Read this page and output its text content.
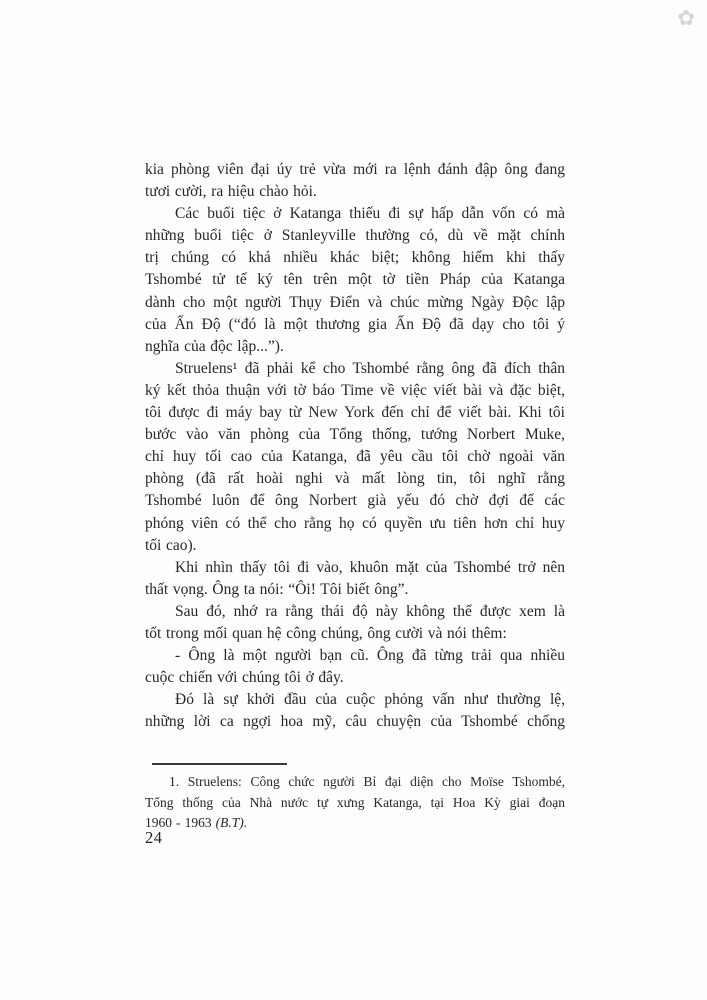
✿
kia phòng viên đại úy trẻ vừa mới ra lệnh đánh đập ông đang
tươi cười, ra hiệu chào hỏi.
Các buổi tiệc ở Katanga thiếu đi sự hấp dẫn vốn có mà
những buổi tiệc ở Stanleyville thường có, dù về mặt chính
trị chúng có khá nhiều khác biệt; không hiếm khi thấy
Tshombé tử tế ký tên trên một tờ tiền Pháp của Katanga
dành cho một người Thụy Điển và chúc mừng Ngày Độc lập
của Ấn Độ (“đó là một thương gia Ấn Độ đã dạy cho tôi ý
nghĩa của độc lập...”).
Struelens¹ đã phải kể cho Tshombé rằng ông đã đích thân
ký kết thỏa thuận với tờ báo Time về việc viết bài và đặc biệt,
tôi được đi máy bay từ New York đến chỉ để viết bài. Khi tôi
bước vào văn phòng của Tổng thống, tướng Norbert Muke,
chỉ huy tối cao của Katanga, đã yêu cầu tôi chờ ngoài văn
phòng (đã rất hoài nghi và mất lòng tin, tôi nghĩ rằng
Tshombé luôn để ông Norbert già yếu đó chờ đợi để các
phóng viên có thể cho rằng họ có quyền ưu tiên hơn chỉ huy
tối cao).
Khi nhìn thấy tôi đi vào, khuôn mặt của Tshombé trở nên
thất vọng. Ông ta nói: “Ôi! Tôi biết ông”.
Sau đó, nhớ ra rằng thái độ này không thể được xem là
tốt trong mối quan hệ công chúng, ông cười và nói thêm:
- Ông là một người bạn cũ. Ông đã từng trải qua nhiều
cuộc chiến với chúng tôi ở đây.
Đó là sự khởi đầu của cuộc phỏng vấn như thường lệ,
những lời ca ngợi hoa mỹ, câu chuyện của Tshombé chống
1. Struelens: Công chức người Bỉ đại diện cho Moïse Tshombé,
Tổng thống của Nhà nước tự xưng Katanga, tại Hoa Kỳ giai đoạn
1960 - 1963 (B.T).
24
